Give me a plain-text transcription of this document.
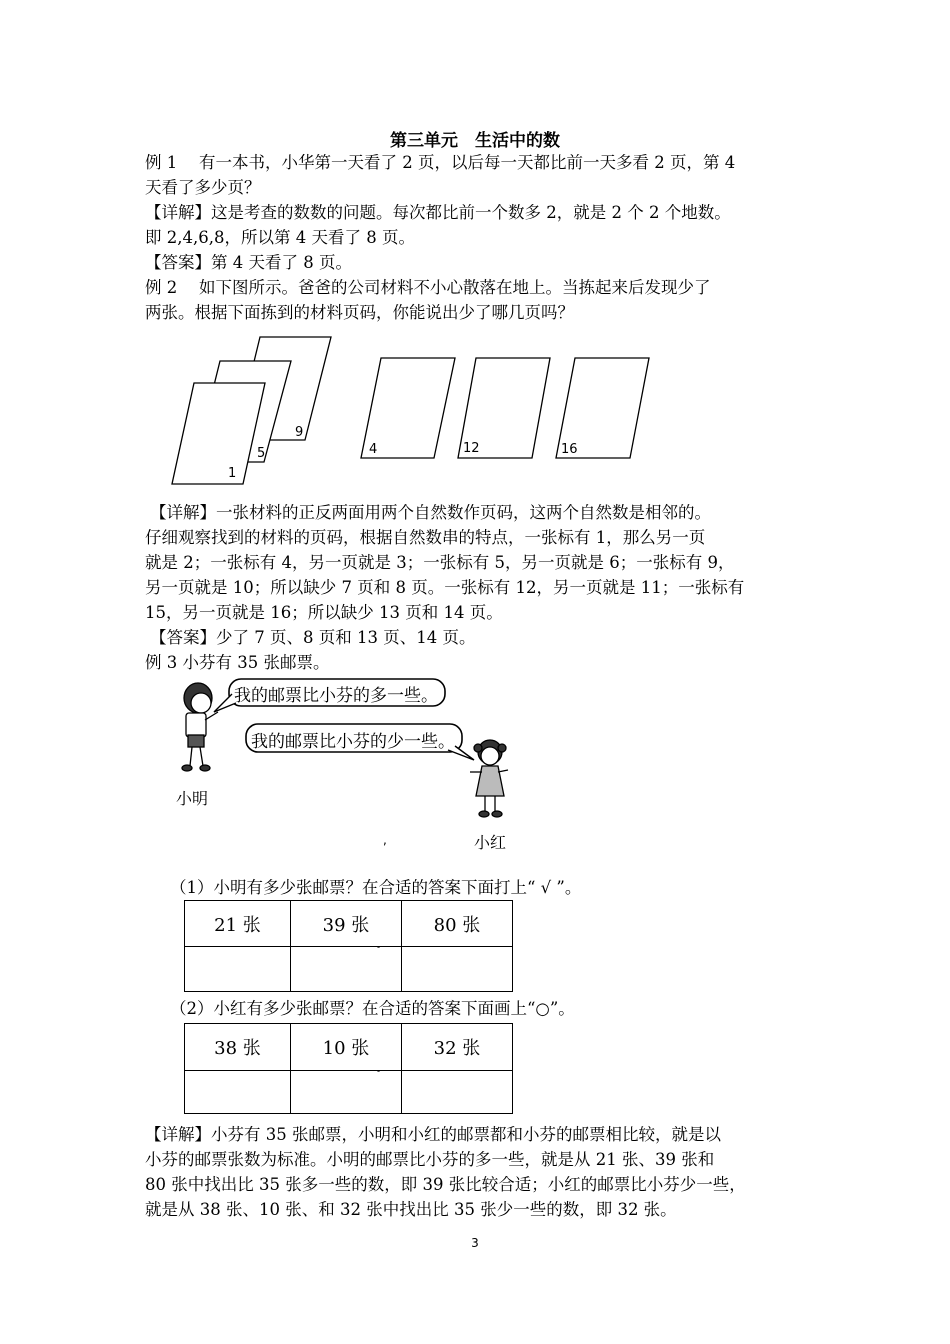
第三单元　生活中的数
例 1　 有一本书，小华第一天看了 2 页，以后每一天都比前一天多看 2 页，第 4
天看了多少页？
【详解】这是考查的数数的问题。每次都比前一个数多 2，就是 2 个 2 个地数。
即 2,4,6,8，所以第 4 天看了 8 页。
【答案】第 4 天看了 8 页。
例 2　 如下图所示。爸爸的公司材料不小心散落在地上。当拣起来后发现少了
两张。根据下面拣到的材料页码，你能说出少了哪几页吗？
9
5
1
4	12	16
【详解】一张材料的正反两面用两个自然数作页码，这两个自然数是相邻的。
仔细观察找到的材料的页码，根据自然数串的特点，一张标有 1，那么另一页
就是 2；一张标有 4，另一页就是 3；一张标有 5，另一页就是 6；一张标有 9，
另一页就是 10；所以缺少 7 页和 8 页。一张标有 12，另一页就是 11；一张标有
15，另一页就是 16；所以缺少 13 页和 14 页。
【答案】少了 7 页、8 页和 13 页、14 页。
例 3 小芬有 35 张邮票。
我的邮票比小芬的多一些。
我的邮票比小芬的少一些。
小明
小红
,
（1）小明有多少张邮票？在合适的答案下面打上“ √ ”。
21 张	39 张	80 张

	-	

（2）小红有多少张邮票？在合适的答案下面画上“○”。
38 张	10 张	32 张

	-	

【详解】小芬有 35 张邮票，小明和小红的邮票都和小芬的邮票相比较，就是以
小芬的邮票张数为标准。小明的邮票比小芬的多一些，就是从 21 张、39 张和
80 张中找出比 35 张多一些的数，即 39 张比较合适；小红的邮票比小芬少一些，
就是从 38 张、10 张、和 32 张中找出比 35 张少一些的数，即 32 张。
3
